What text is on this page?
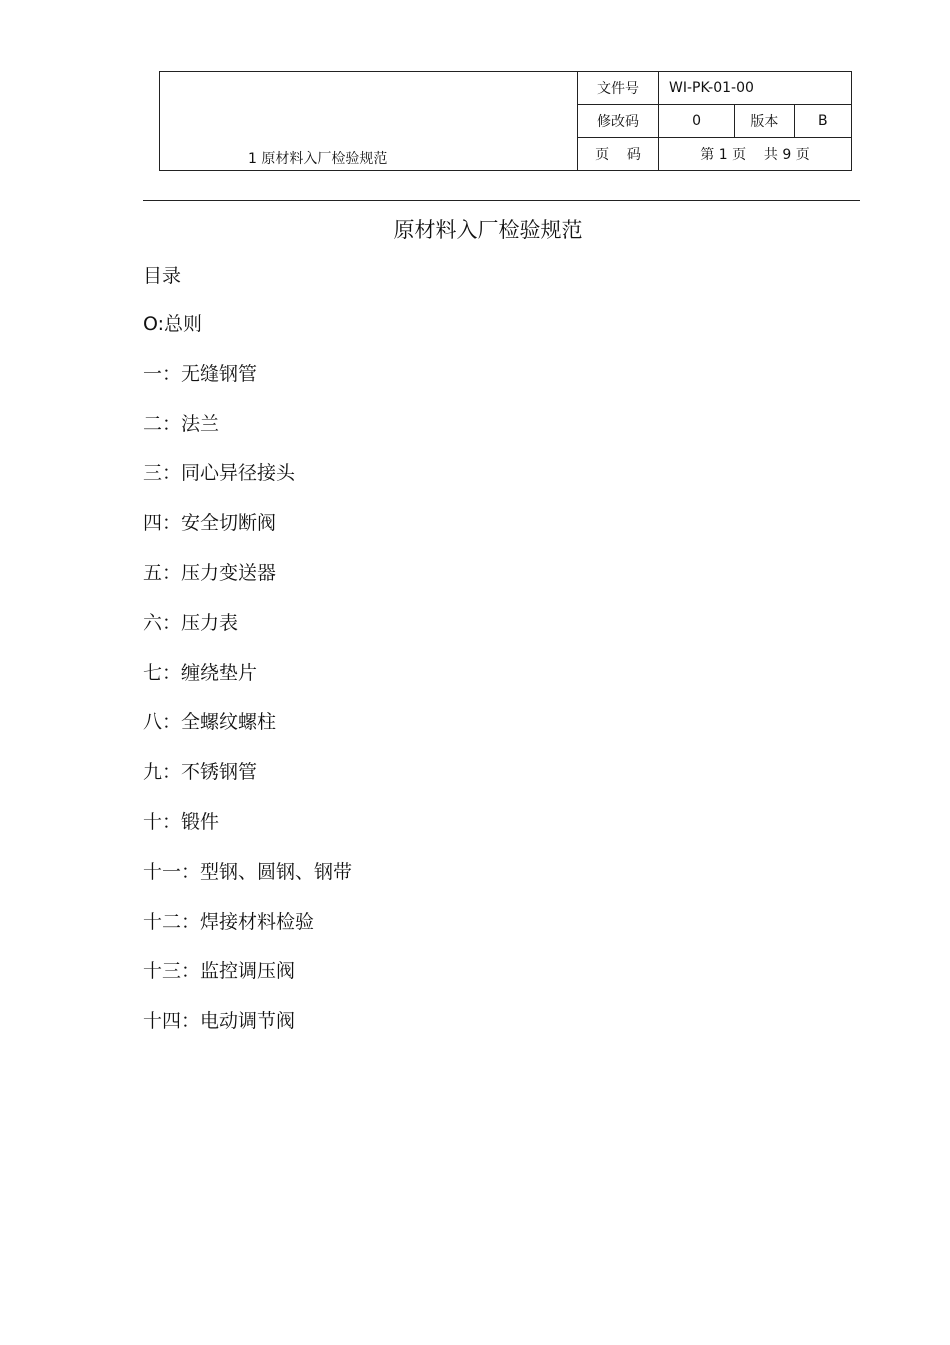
1 原材料入厂检验规范	文件号	WI-PK-01-00		
	修改码	0	版本	B
	页    码	第 1 页    共 9 页		
原材料入厂检验规范
目录
O:总则
一：无缝钢管
二：法兰
三：同心异径接头
四：安全切断阀
五：压力变送器
六：压力表
七：缠绕垫片
八：全螺纹螺柱
九：不锈钢管
十：锻件
十一：型钢、圆钢、钢带
十二：焊接材料检验
十三：监控调压阀
十四：电动调节阀
